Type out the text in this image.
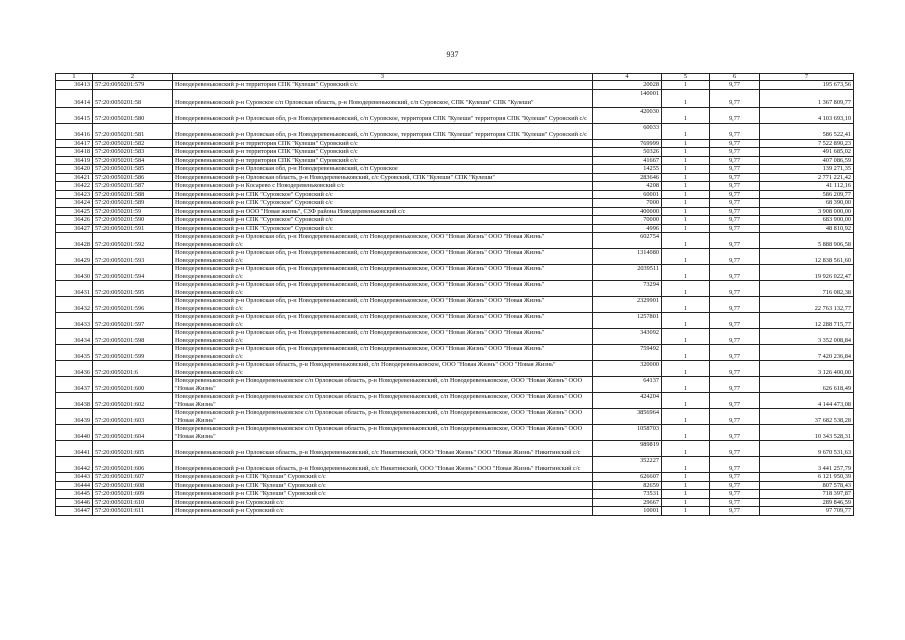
937
1	2	3	4	5	6	7
36413	57:20:0050201:579	Новодеревеньковский р-н территория СПК "Кулеши" Суровский с/с	20028	1	9,77	195 673,56
36414	57:20:0050201:58	Новодеревеньковский р-н Суровское с/п Орловская область, р-н Новодеревеньковский, с/п Суровское, СПК "Кулеши" СПК "Кулеши"	140001	1	9,77	1 367 809,77
36415	57:20:0050201:580	Новодеревеньковский р-н Орловская обл, р-н Новодеревеньковский, с/п Суровское, территория СПК "Кулеши" территория СПК "Кулеши" Суровский с/с	420030	1	9,77	4 103 693,10
36416	57:20:0050201:581	Новодеревеньковский р-н Орловская обл, р-н Новодеревеньковский, с/п Суровское, территория СПК "Кулеши" территория СПК "Кулеши" Суровский с/с	60033	1	9,77	586 522,41
36417	57:20:0050201:582	Новодеревеньковский р-н территория СПК "Кулеши" Суровский с/с	769999	1	9,77	7 522 890,23
36418	57:20:0050201:583	Новодеревеньковский р-н территория СПК "Кулеши" Суровский с/с	50326	1	9,77	491 685,02
36419	57:20:0050201:584	Новодеревеньковский р-н территория СПК "Кулеши" Суровский с/с	41667	1	9,77	407 086,59
36420	57:20:0050201:585	Новодеревеньковский р-н Орловская обл, р-н Новодеревеньковский, с/п Суровское	14255	1	9,77	139 271,35
36421	57:20:0050201:586	Новодеревеньковский р-н Орловская область, р-н Новодеревеньковский, с/с Суровский, СПК "Кулеши" СПК "Кулеши"	283646	1	9,77	2 771 221,42
36422	57:20:0050201:587	Новодеревеньковский р-н Кocapeвo c Новодеревеньковский с/с	4208	1	9,77	41 112,16
36423	57:20:0050201:588	Новодеревеньковский р-н СПК "Суровское" Суровский с/с	60001	1	9,77	586 209,77
36424	57:20:0050201:589	Новодеревеньковский р-н СПК "Суровское" Суровский с/с	7000	1	9,77	68 390,00
36425	57:20:0050201:59	Новодеревеньковский р-н ООО "Новая жизнь", СЗФ района Новодеревеньковский с/с	400000	1	9,77	3 908 000,00
36426	57:20:0050201:590	Новодеревеньковский р-н СПК "Суровское" Суровский с/с	70000	1	9,77	683 900,00
36427	57:20:0050201:591	Новодеревеньковский р-н СПК "Суровское" Суровский с/с	4996	1	9,77	48 810,92
36428	57:20:0050201:592	Новодеревеньковский р-н Орловская обл, р-н Новодеревеньковский, с/п Новодеревеньковское, ООО "Новая Жизнь" ООО "Новая Жизнь" Новодеревеньковский с/с	602754	1	9,77	5 888 906,58
36429	57:20:0050201:593	Новодеревеньковский р-н Орловская обл, р-н Новодеревеньковский, с/п Новодеревеньковское, ООО "Новая Жизнь" ООО "Новая Жизнь" Новодеревеньковский с/с	1314080	1	9,77	12 838 561,60
36430	57:20:0050201:594	Новодеревеньковский р-н Орловская обл, р-н Новодеревеньковский, с/п Новодеревеньковское, ООО "Новая Жизнь" ООО "Новая Жизнь" Новодеревеньковский с/с	2039511	1	9,77	19 926 022,47
36431	57:20:0050201:595	Новодеревеньковский р-н Орловская обл, р-н Новодеревеньковский, с/п Новодеревеньковское, ООО "Новая Жизнь" ООО "Новая Жизнь" Новодеревеньковский с/с	73294	1	9,77	716 082,38
36432	57:20:0050201:596	Новодеревеньковский р-н Орловская обл, р-н Новодеревеньковский, с/п Новодеревеньковское, ООО "Новая Жизнь" ООО "Новая Жизнь" Новодеревеньковский с/с	2329901	1	9,77	22 763 132,77
36433	57:20:0050201:597	Новодеревеньковский р-н Орловская обл, р-н Новодеревеньковский, с/п Новодеревеньковское, ООО "Новая Жизнь" ООО "Новая Жизнь" Новодеревеньковский с/с	1257801	1	9,77	12 288 715,77
36434	57:20:0050201:598	Новодеревеньковский р-н Орловская обл, р-н Новодеревеньковский, с/п Новодеревеньковское, ООО "Новая Жизнь" ООО "Новая Жизнь" Новодеревеньковский с/с	343092	1	9,77	3 352 008,84
36435	57:20:0050201:599	Новодеревеньковский р-н Орловская обл, р-н Новодеревеньковский, с/п Новодеревеньковское, ООО "Новая Жизнь" ООО "Новая Жизнь" Новодеревеньковский с/с	759492	1	9,77	7 420 236,84
36436	57:20:0050201:6	Новодеревеньковский р-н Орловская область, р-н Новодеревеньковский, с/п Новодеревеньковское, ООО "Новая Жизнь" ООО "Новая Жизнь" Новодеревеньковский с/с	320000	1	9,77	3 126 400,00
36437	57:20:0050201:600	Новодеревеньковский р-н Новодеревеньковское с/п Орловская область, р-н Новодеревеньковский, с/п Новодеревеньковское, ООО "Новая Жизнь" ООО "Новая Жизнь"	64137	1	9,77	626 618,49
36438	57:20:0050201:602	Новодеревеньковский р-н Новодеревеньковское с/п Орловская область, р-н Новодеревеньковский, с/п Новодеревеньковское, ООО "Новая Жизнь" ООО "Новая Жизнь"	424204	1	9,77	4 144 473,08
36439	57:20:0050201:603	Новодеревеньковский р-н Новодеревеньковское с/п Орловская область, р-н Новодеревеньковский, с/п Новодеревеньковское, ООО "Новая Жизнь" ООО "Новая Жизнь"	3856964	1	9,77	37 682 538,28
36440	57:20:0050201:604	Новодеревеньковский р-н Новодеревеньковское с/п Орловская область, р-н Новодеревеньковский, с/п Новодеревеньковское, ООО "Новая Жизнь" ООО "Новая Жизнь"	1058703	1	9,77	10 343 528,31
36441	57:20:0050201:605	Новодеревеньковский р-н Орловская область, р-н Новодеревеньковский, с/с Никитинский, ООО "Новая Жизнь" ООО "Новая Жизнь" Никитинский с/с	989819	1	9,77	9 670 531,63
36442	57:20:0050201:606	Новодеревеньковский р-н Орловская область, р-н Новодеревеньковский, с/с Никитинский, ООО "Новая Жизнь" ООО "Новая Жизнь" Никитинский с/с	352227	1	9,77	3 441 257,79
36443	57:20:0050201:607	Новодеревеньковский р-н СПК "Кулеши" Суровский с/с	626607	1	9,77	6 121 950,39
36444	57:20:0050201:608	Новодеревеньковский р-н СПК "Кулеши" Суровский с/с	82659	1	9,77	807 578,43
36445	57:20:0050201:609	Новодеревеньковский р-н СПК "Кулеши" Суровский с/с	73531	1	9,77	718 397,87
36446	57:20:0050201:610	Новодеревеньковский р-н Суровский с/с	29667	1	9,77	289 846,59
36447	57:20:0050201:611	Новодеревеньковский р-н Суровский с/с	10001	1	9,77	97 709,77
